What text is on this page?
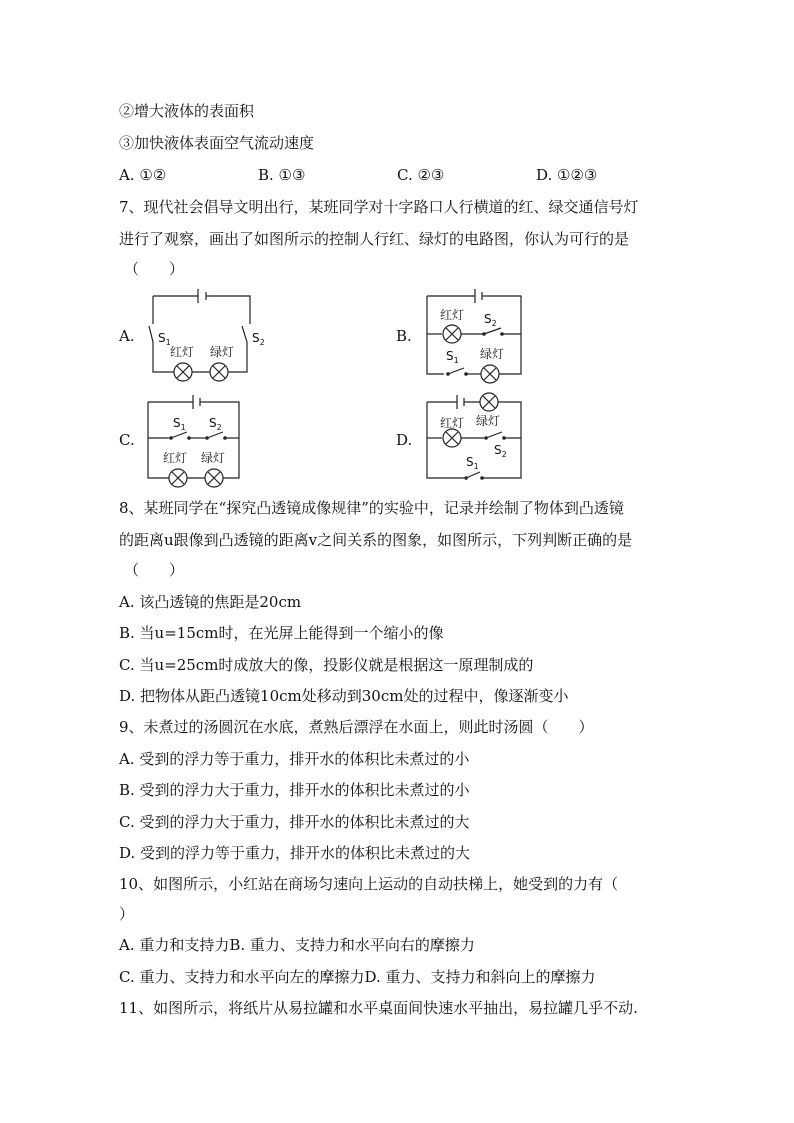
②增大液体的表面积
③加快液体表面空气流动速度
A. ①②	B. ①③	C. ②③	D. ①②③
7、现代社会倡导文明出行，某班同学对十字路口人行横道的红、绿交通信号灯
进行了观察，画出了如图所示的控制人行红、绿灯的电路图，你认为可行的是
（　　）
A.	B.
C.	D.
$S_1$	$S_2$
红灯 绿灯
红灯 $S_2$
$S_1$ 绿灯
$S_1$ $S_2$
红灯 绿灯
红灯 绿灯
$S_2$
$S_1$
8、某班同学在“探究凸透镜成像规律”的实验中，记录并绘制了物体到凸透镜
的距离u跟像到凸透镜的距离v之间关系的图象，如图所示，下列判断正确的是
（　　）
A. 该凸透镜的焦距是20cm
B. 当u=15cm时，在光屏上能得到一个缩小的像
C. 当u=25cm时成放大的像，投影仪就是根据这一原理制成的
D. 把物体从距凸透镜10cm处移动到30cm处的过程中，像逐渐变小
9、未煮过的汤圆沉在水底，煮熟后漂浮在水面上，则此时汤圆（　　）
A. 受到的浮力等于重力，排开水的体积比未煮过的小
B. 受到的浮力大于重力，排开水的体积比未煮过的小
C. 受到的浮力大于重力，排开水的体积比未煮过的大
D. 受到的浮力等于重力，排开水的体积比未煮过的大
10、如图所示，小红站在商场匀速向上运动的自动扶梯上，她受到的力有（
）
A. 重力和支持力B. 重力、支持力和水平向右的摩擦力
C. 重力、支持力和水平向左的摩擦力D. 重力、支持力和斜向上的摩擦力
11、如图所示，将纸片从易拉罐和水平桌面间快速水平抽出，易拉罐几乎不动.
